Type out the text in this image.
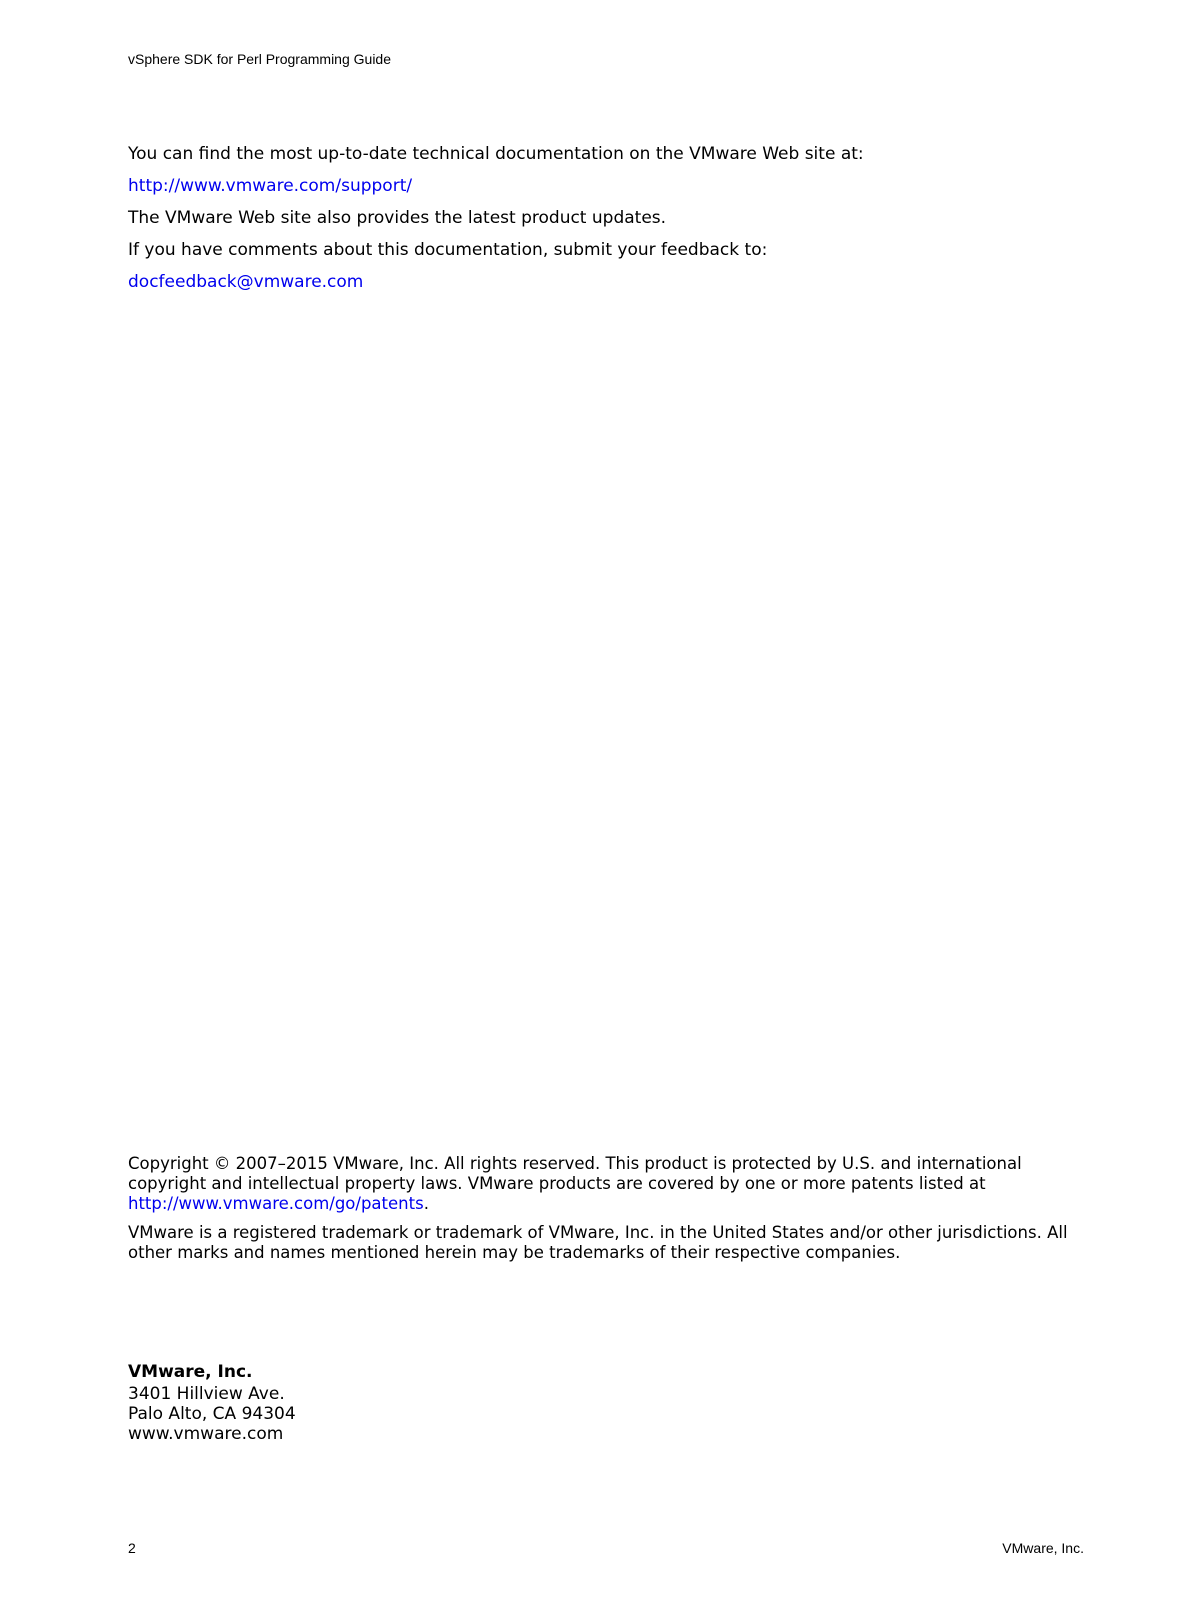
vSphere SDK for Perl Programming Guide

You can find the most up-to-date technical documentation on the VMware Web site at:

http://www.vmware.com/support/

The VMware Web site also provides the latest product updates.

If you have comments about this documentation, submit your feedback to:

docfeedback@vmware.com

Copyright © 2007–2015 VMware, Inc. All rights reserved. This product is protected by U.S. and international copyright and intellectual property laws. VMware products are covered by one or more patents listed at http://www.vmware.com/go/patents.

VMware is a registered trademark or trademark of VMware, Inc. in the United States and/or other jurisdictions. All other marks and names mentioned herein may be trademarks of their respective companies.

VMware, Inc.
3401 Hillview Ave.
Palo Alto, CA 94304
www.vmware.com
2	VMware, Inc.
